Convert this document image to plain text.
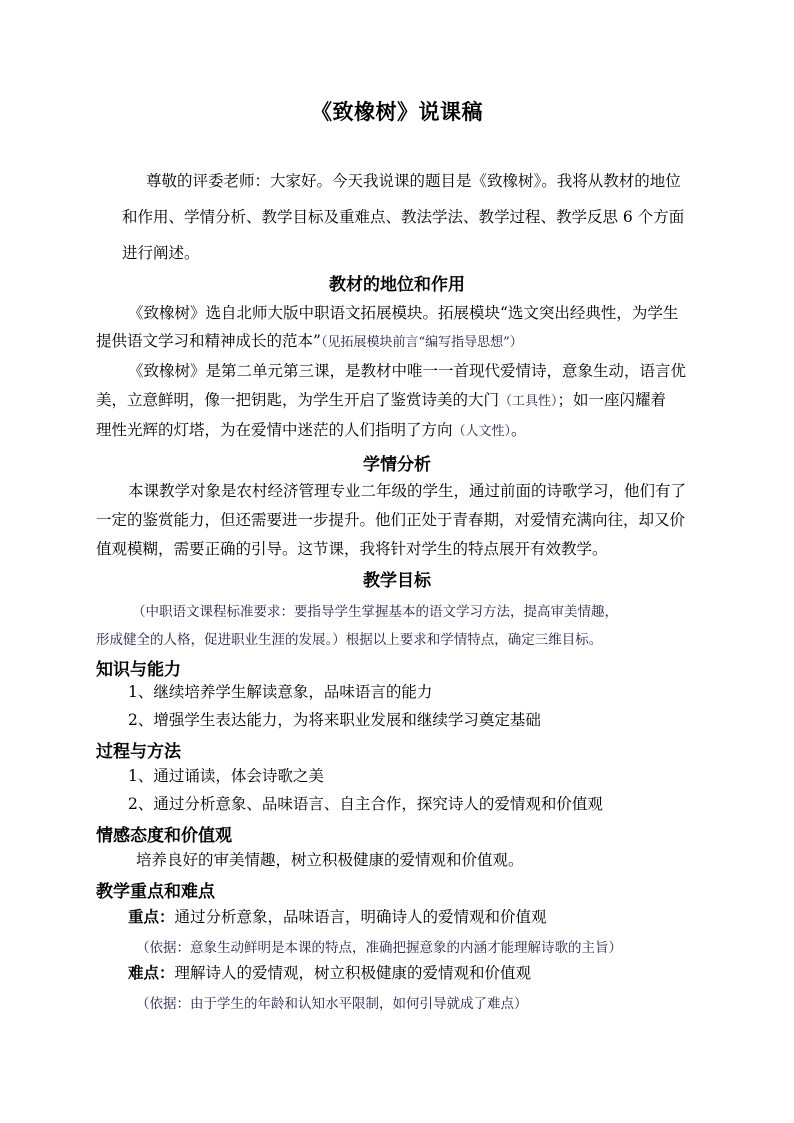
《致橡树》说课稿
尊敬的评委老师：大家好。今天我说课的题目是《致橡树》。我将从教材的地位
和作用、学情分析、教学目标及重难点、教法学法、教学过程、教学反思 6 个方面
进行阐述。
教材的地位和作用
《致橡树》选自北师大版中职语文拓展模块。拓展模块“选文突出经典性，为学生
提供语文学习和精神成长的范本”（见拓展模块前言“编写指导思想”）
《致橡树》是第二单元第三课，是教材中唯一一首现代爱情诗，意象生动，语言优
美，立意鲜明，像一把钥匙，为学生开启了鉴赏诗美的大门（工具性）；如一座闪耀着
理性光辉的灯塔，为在爱情中迷茫的人们指明了方向（人文性）。
学情分析
本课教学对象是农村经济管理专业二年级的学生，通过前面的诗歌学习，他们有了
一定的鉴赏能力，但还需要进一步提升。他们正处于青春期，对爱情充满向往，却又价
值观模糊，需要正确的引导。这节课，我将针对学生的特点展开有效教学。
教学目标
（中职语文课程标准要求：要指导学生掌握基本的语文学习方法，提高审美情趣，
形成健全的人格，促进职业生涯的发展。）根据以上要求和学情特点，确定三维目标。
知识与能力
1、继续培养学生解读意象，品味语言的能力
2、增强学生表达能力，为将来职业发展和继续学习奠定基础
过程与方法
1、通过诵读，体会诗歌之美
2、通过分析意象、品味语言、自主合作，探究诗人的爱情观和价值观
情感态度和价值观
培养良好的审美情趣，树立积极健康的爱情观和价值观。
教学重点和难点
重点：通过分析意象，品味语言，明确诗人的爱情观和价值观
（依据：意象生动鲜明是本课的特点，准确把握意象的内涵才能理解诗歌的主旨）
难点：理解诗人的爱情观，树立积极健康的爱情观和价值观
（依据：由于学生的年龄和认知水平限制，如何引导就成了难点）
